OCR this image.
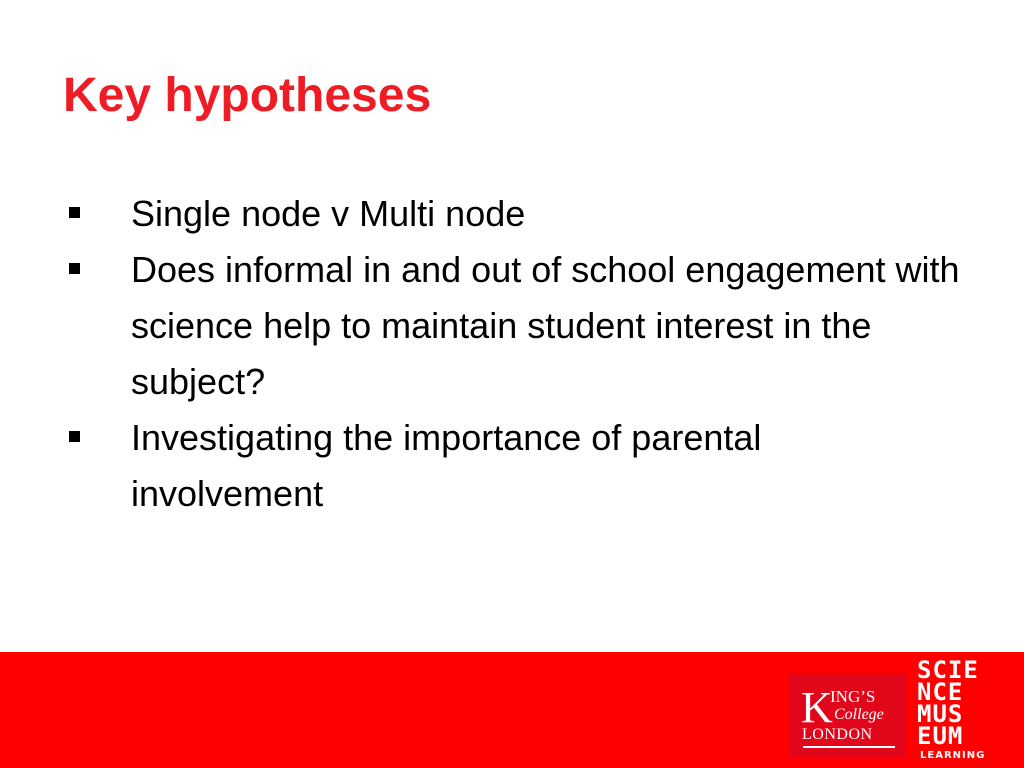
Key hypotheses
Single node v Multi node
Does informal in and out of school engagement with science help to maintain student interest in the subject?
Investigating the importance of parental involvement
K
ING’S
College
LONDON
SCIE
NCE
MUS
EUM
LEARNING
